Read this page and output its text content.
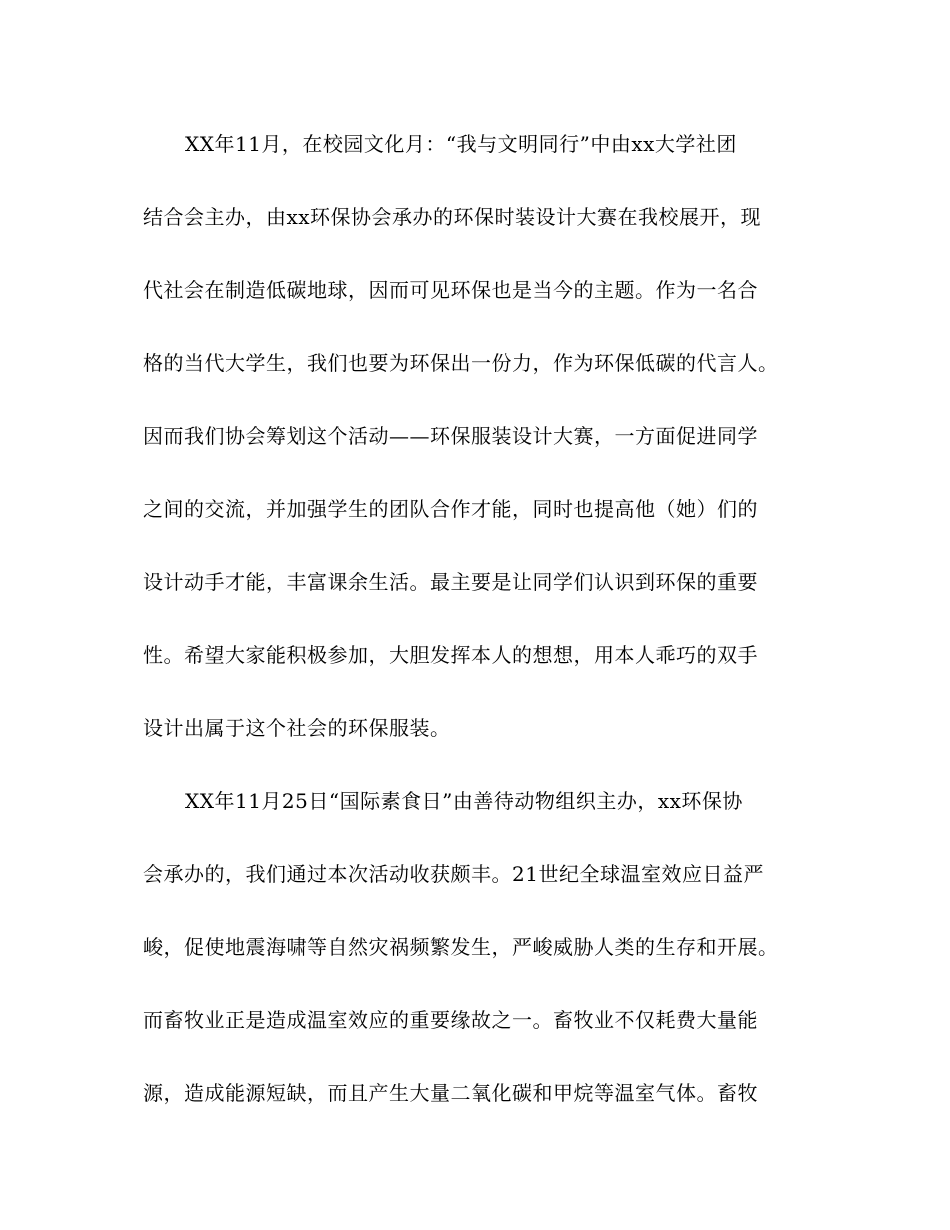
XX年11月，在校园文化月：“我与文明同行”中由xx大学社团
结合会主办，由xx环保协会承办的环保时装设计大赛在我校展开，现
代社会在制造低碳地球，因而可见环保也是当今的主题。作为一名合
格的当代大学生，我们也要为环保出一份力，作为环保低碳的代言人。
因而我们协会筹划这个活动——环保服装设计大赛，一方面促进同学
之间的交流，并加强学生的团队合作才能，同时也提高他（她）们的
设计动手才能，丰富课余生活。最主要是让同学们认识到环保的重要
性。希望大家能积极参加，大胆发挥本人的想想，用本人乖巧的双手
设计出属于这个社会的环保服装。
XX年11月25日“国际素食日”由善待动物组织主办，xx环保协
会承办的，我们通过本次活动收获颇丰。21世纪全球温室效应日益严
峻，促使地震海啸等自然灾祸频繁发生，严峻威胁人类的生存和开展。
而畜牧业正是造成温室效应的重要缘故之一。畜牧业不仅耗费大量能
源，造成能源短缺，而且产生大量二氧化碳和甲烷等温室气体。畜牧
